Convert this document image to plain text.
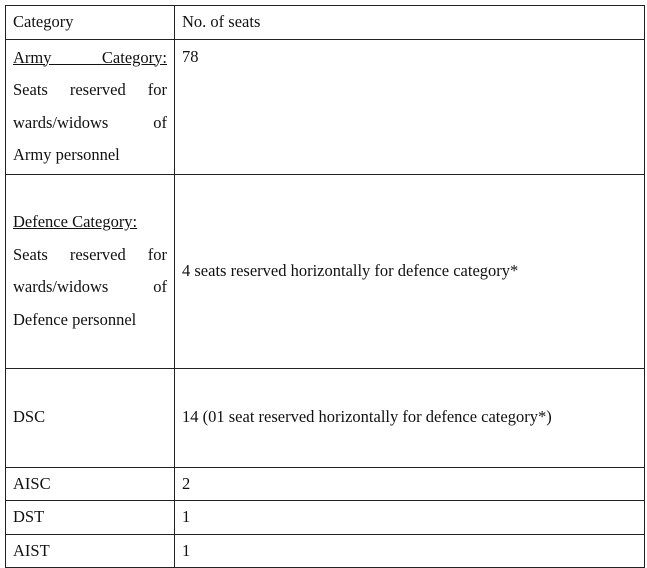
Category	No. of seats

Army Category:
Seats reserved for
wards/widows of
Army personnel	78

Defence Category:
Seats reserved for
wards/widows of
Defence personnel	4 seats reserved horizontally for defence category*

DSC	14 (01 seat reserved horizontally for defence category*)

AISC	2

DST	1

AIST	1
